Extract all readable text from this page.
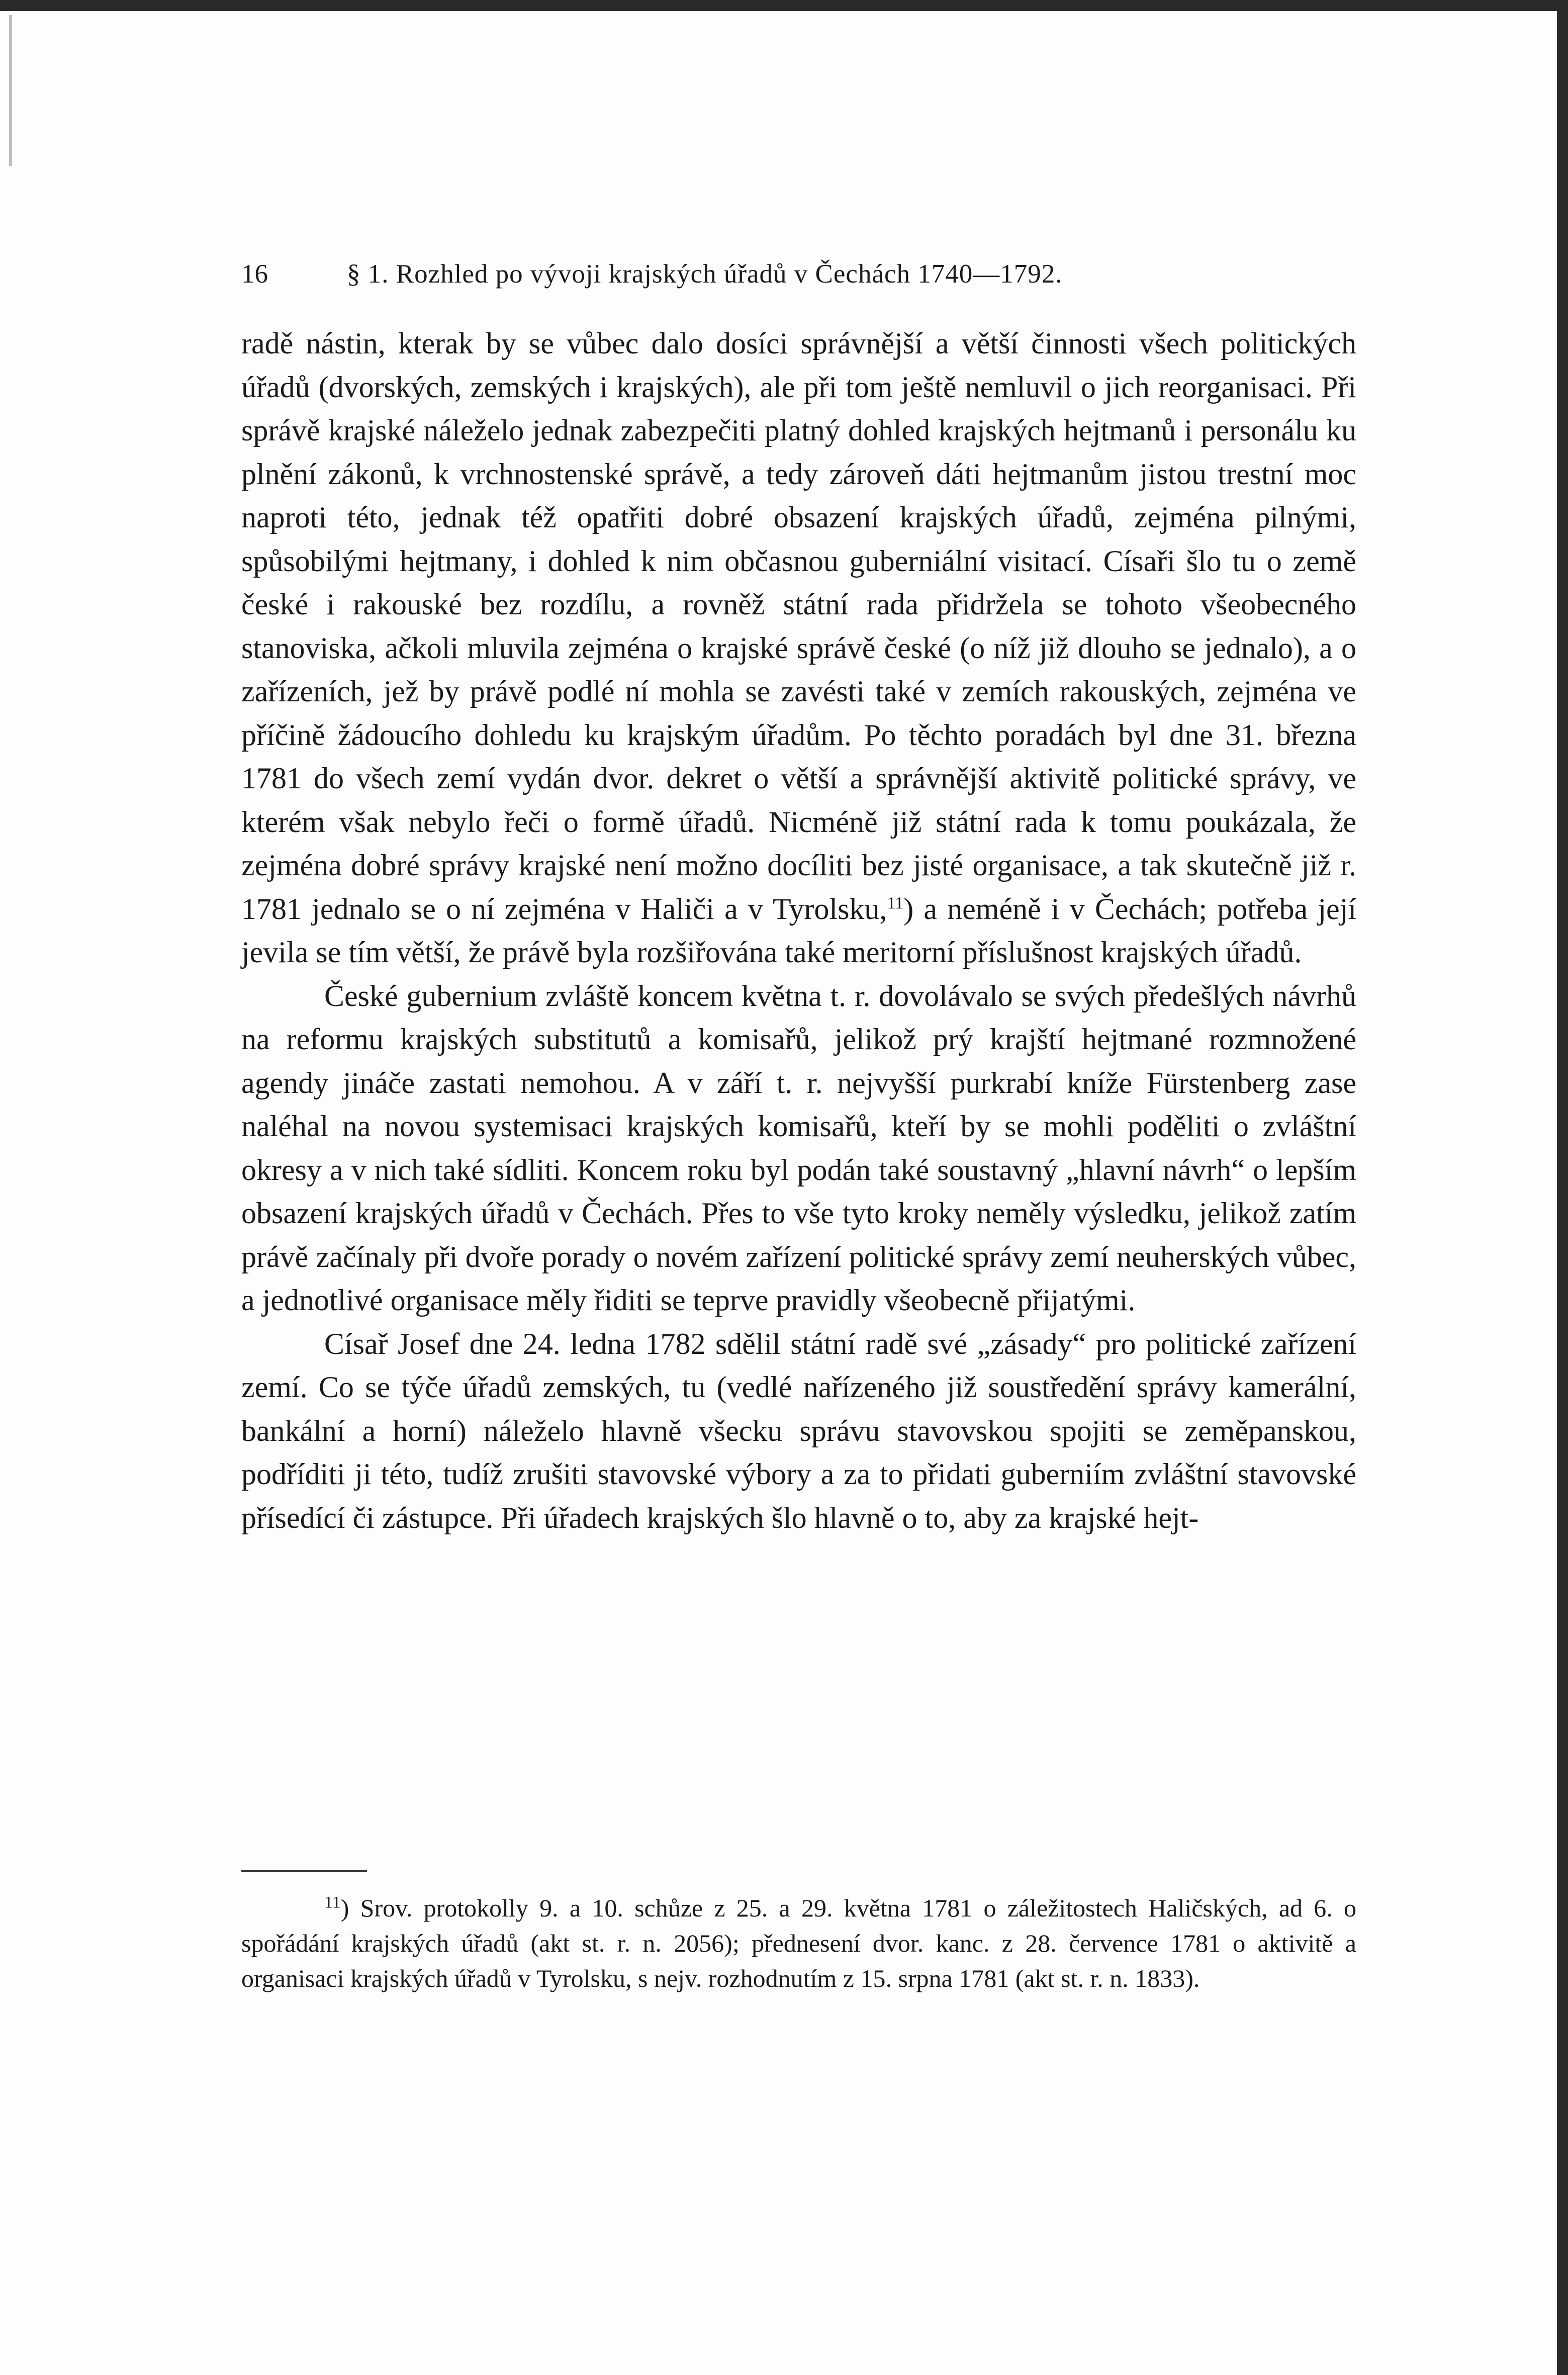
16	§ 1. Rozhled po vývoji krajských úřadů v Čechách 1740—1792.

radě nástin, kterak by se vůbec dalo dosíci správnější a větší činnosti všech politických úřadů (dvorských, zemských i krajských), ale při tom ještě nemluvil o jich reorganisaci. Při správě krajské náleželo jednak zabezpečiti platný dohled krajských hejtmanů i personálu ku plnění zákonů, k vrchnostenské správě, a tedy zároveň dáti hejtmanům jistou trestní moc naproti této, jednak též opatřiti dobré obsazení krajských úřadů, zejména pilnými, spůsobilými hejtmany, i dohled k nim občasnou guberniální visitací. Císaři šlo tu o země české i rakouské bez rozdílu, a rovněž státní rada přidržela se tohoto všeobecného stanoviska, ačkoli mluvila zejména o krajské správě české (o níž již dlouho se jednalo), a o zařízeních, jež by právě podlé ní mohla se zavésti také v zemích rakouských, zejména ve příčině žádoucího dohledu ku krajským úřadům. Po těchto poradách byl dne 31. března 1781 do všech zemí vydán dvor. dekret o větší a správnější aktivitě politické správy, ve kterém však nebylo řeči o formě úřadů. Nicméně již státní rada k tomu poukázala, že zejména dobré správy krajské není možno docíliti bez jisté organisace, a tak skutečně již r. 1781 jednalo se o ní zejména v Haliči a v Tyrolsku,$^{11}$) a neméně i v Čechách; potřeba její jevila se tím větší, že právě byla rozšiřována také meritorní příslušnost krajských úřadů.

České gubernium zvláště koncem května t. r. dovolávalo se svých předešlých návrhů na reformu krajských substitutů a komisařů, jelikož prý krajští hejtmané rozmnožené agendy jináče zastati nemohou. A v září t. r. nejvyšší purkrabí kníže Fürstenberg zase naléhal na novou systemisaci krajských komisařů, kteří by se mohli poděliti o zvláštní okresy a v nich také sídliti. Koncem roku byl podán také soustavný „hlavní návrh“ o lepším obsazení krajských úřadů v Čechách. Přes to vše tyto kroky neměly výsledku, jelikož zatím právě začínaly při dvoře porady o novém zařízení politické správy zemí neuherských vůbec, a jednotlivé organisace měly řiditi se teprve pravidly všeobecně přijatými.

Císař Josef dne 24. ledna 1782 sdělil státní radě své „zásady“ pro politické zařízení zemí. Co se týče úřadů zemských, tu (vedlé nařízeného již soustředění správy kamerální, bankální a horní) náleželo hlavně všecku správu stavovskou spojiti se zeměpanskou, podříditi ji této, tudíž zrušiti stavovské výbory a za to přidati guberniím zvláštní stavovské přísedící či zástupce. Při úřadech krajských šlo hlavně o to, aby za krajské hejt-

$^{11}$) Srov. protokolly 9. a 10. schůze z 25. a 29. května 1781 o záležitostech Haličských, ad 6. o spořádání krajských úřadů (akt st. r. n. 2056); přednesení dvor. kanc. z 28. července 1781 o aktivitě a organisaci krajských úřadů v Tyrolsku, s nejv. rozhodnutím z 15. srpna 1781 (akt st. r. n. 1833).
